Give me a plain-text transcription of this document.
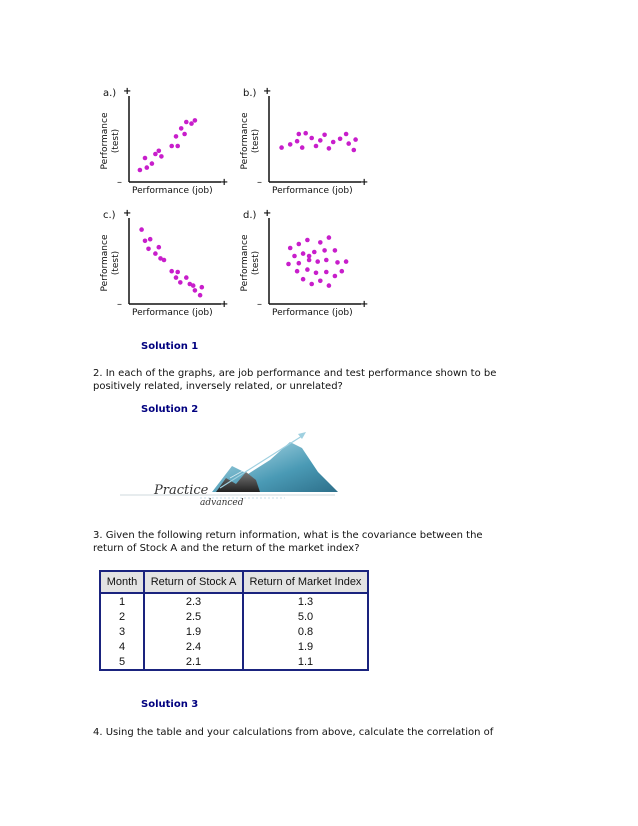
a.) +
–	+
Performance (test)
Performance (job)
b.) +
–	+
Performance (test)
Performance (job)
c.) +
–	+
Performance (test)
Performance (job)
d.) +
–	+
Performance (test)
Performance (job)
Solution 1
2. In each of the graphs, are job performance and test performance shown to be positively related, inversely related, or unrelated?
Solution 2
Practice
advanced
3. Given the following return information, what is the covariance between the return of Stock A and the return of the market index?
Month	Return of Stock A	Return of Market Index
1	2.3	1.3
2	2.5	5.0
3	1.9	0.8
4	2.4	1.9
5	2.1	1.1
Solution 3
4. Using the table and your calculations from above, calculate the correlation of
